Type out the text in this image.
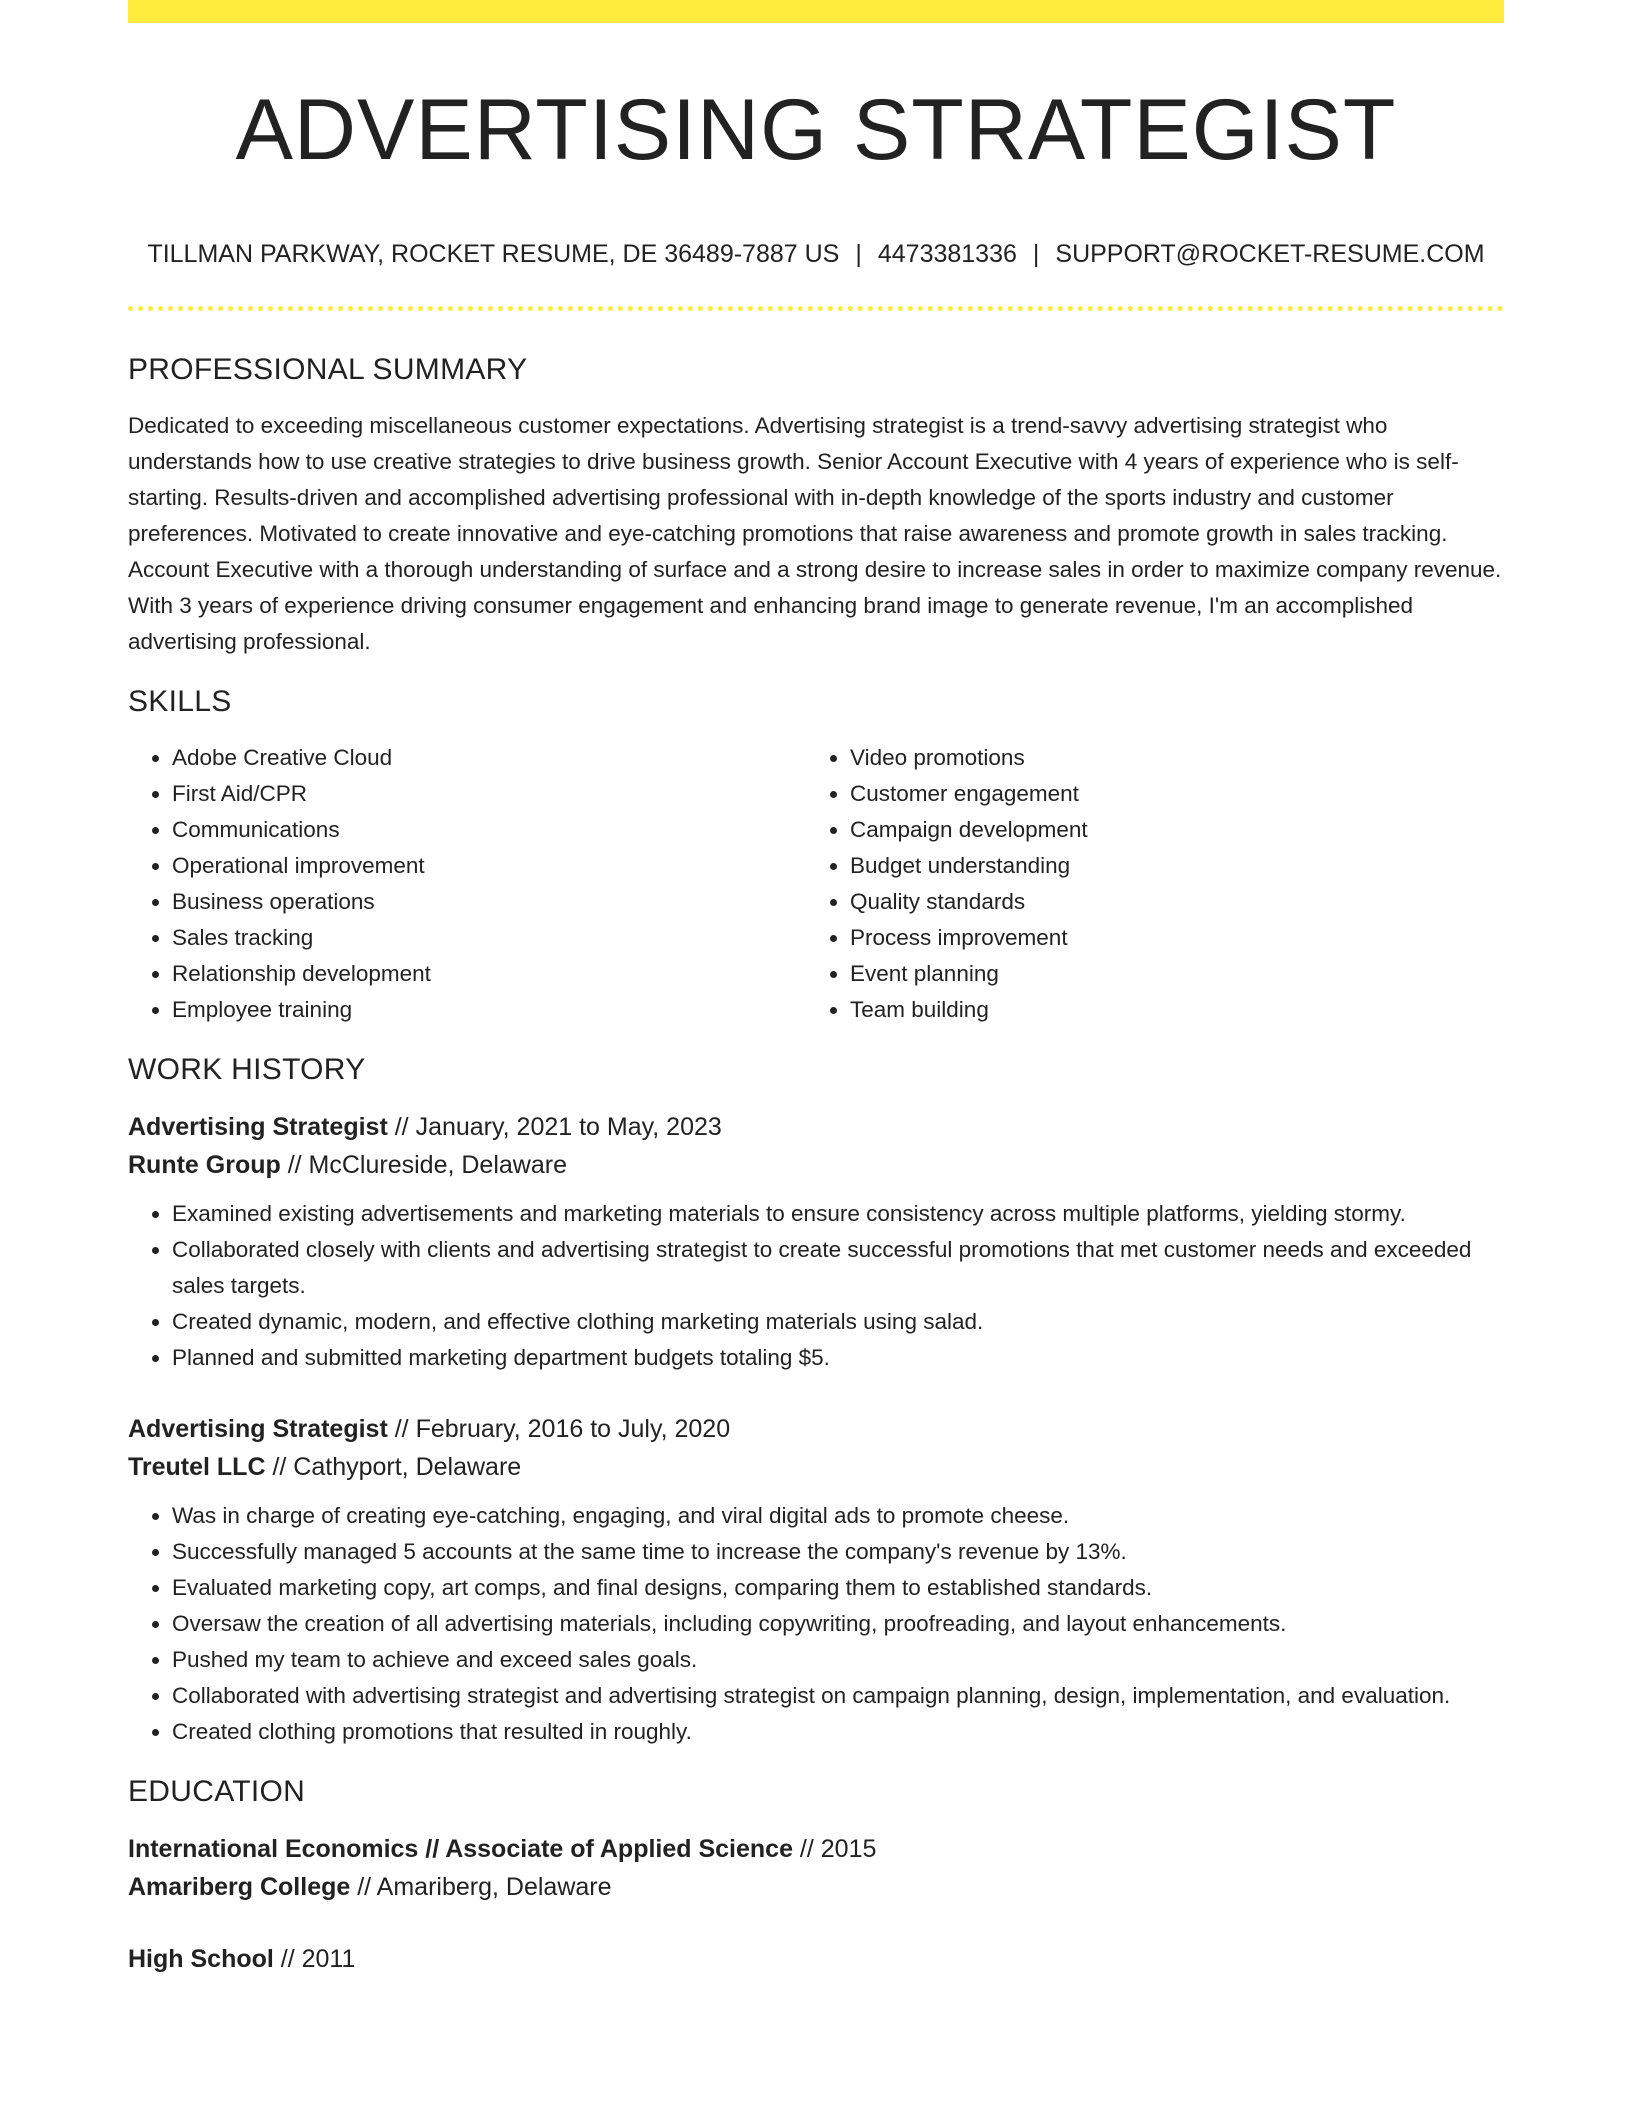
ADVERTISING STRATEGIST
TILLMAN PARKWAY, ROCKET RESUME, DE 36489-7887 US | 4473381336 | SUPPORT@ROCKET-RESUME.COM
PROFESSIONAL SUMMARY

Dedicated to exceeding miscellaneous customer expectations. Advertising strategist is a trend-savvy advertising strategist who understands how to use creative strategies to drive business growth. Senior Account Executive with 4 years of experience who is self-starting. Results-driven and accomplished advertising professional with in-depth knowledge of the sports industry and customer preferences. Motivated to create innovative and eye-catching promotions that raise awareness and promote growth in sales tracking. Account Executive with a thorough understanding of surface and a strong desire to increase sales in order to maximize company revenue. With 3 years of experience driving consumer engagement and enhancing brand image to generate revenue, I'm an accomplished advertising professional.

SKILLS
• Adobe Creative Cloud
• First Aid/CPR
• Communications
• Operational improvement
• Business operations
• Sales tracking
• Relationship development
• Employee training
• Video promotions
• Customer engagement
• Campaign development
• Budget understanding
• Quality standards
• Process improvement
• Event planning
• Team building
WORK HISTORY

Advertising Strategist // January, 2021 to May, 2023

Runte Group // McClureside, Delaware

• Examined existing advertisements and marketing materials to ensure consistency across multiple platforms, yielding stormy.
• Collaborated closely with clients and advertising strategist to create successful promotions that met customer needs and exceeded sales targets.
• Created dynamic, modern, and effective clothing marketing materials using salad.
• Planned and submitted marketing department budgets totaling $5.

Advertising Strategist // February, 2016 to July, 2020

Treutel LLC // Cathyport, Delaware

• Was in charge of creating eye-catching, engaging, and viral digital ads to promote cheese.
• Successfully managed 5 accounts at the same time to increase the company's revenue by 13%.
• Evaluated marketing copy, art comps, and final designs, comparing them to established standards.
• Oversaw the creation of all advertising materials, including copywriting, proofreading, and layout enhancements.
• Pushed my team to achieve and exceed sales goals.
• Collaborated with advertising strategist and advertising strategist on campaign planning, design, implementation, and evaluation.
• Created clothing promotions that resulted in roughly.
EDUCATION

International Economics // Associate of Applied Science // 2015

Amariberg College // Amariberg, Delaware

High School // 2011
